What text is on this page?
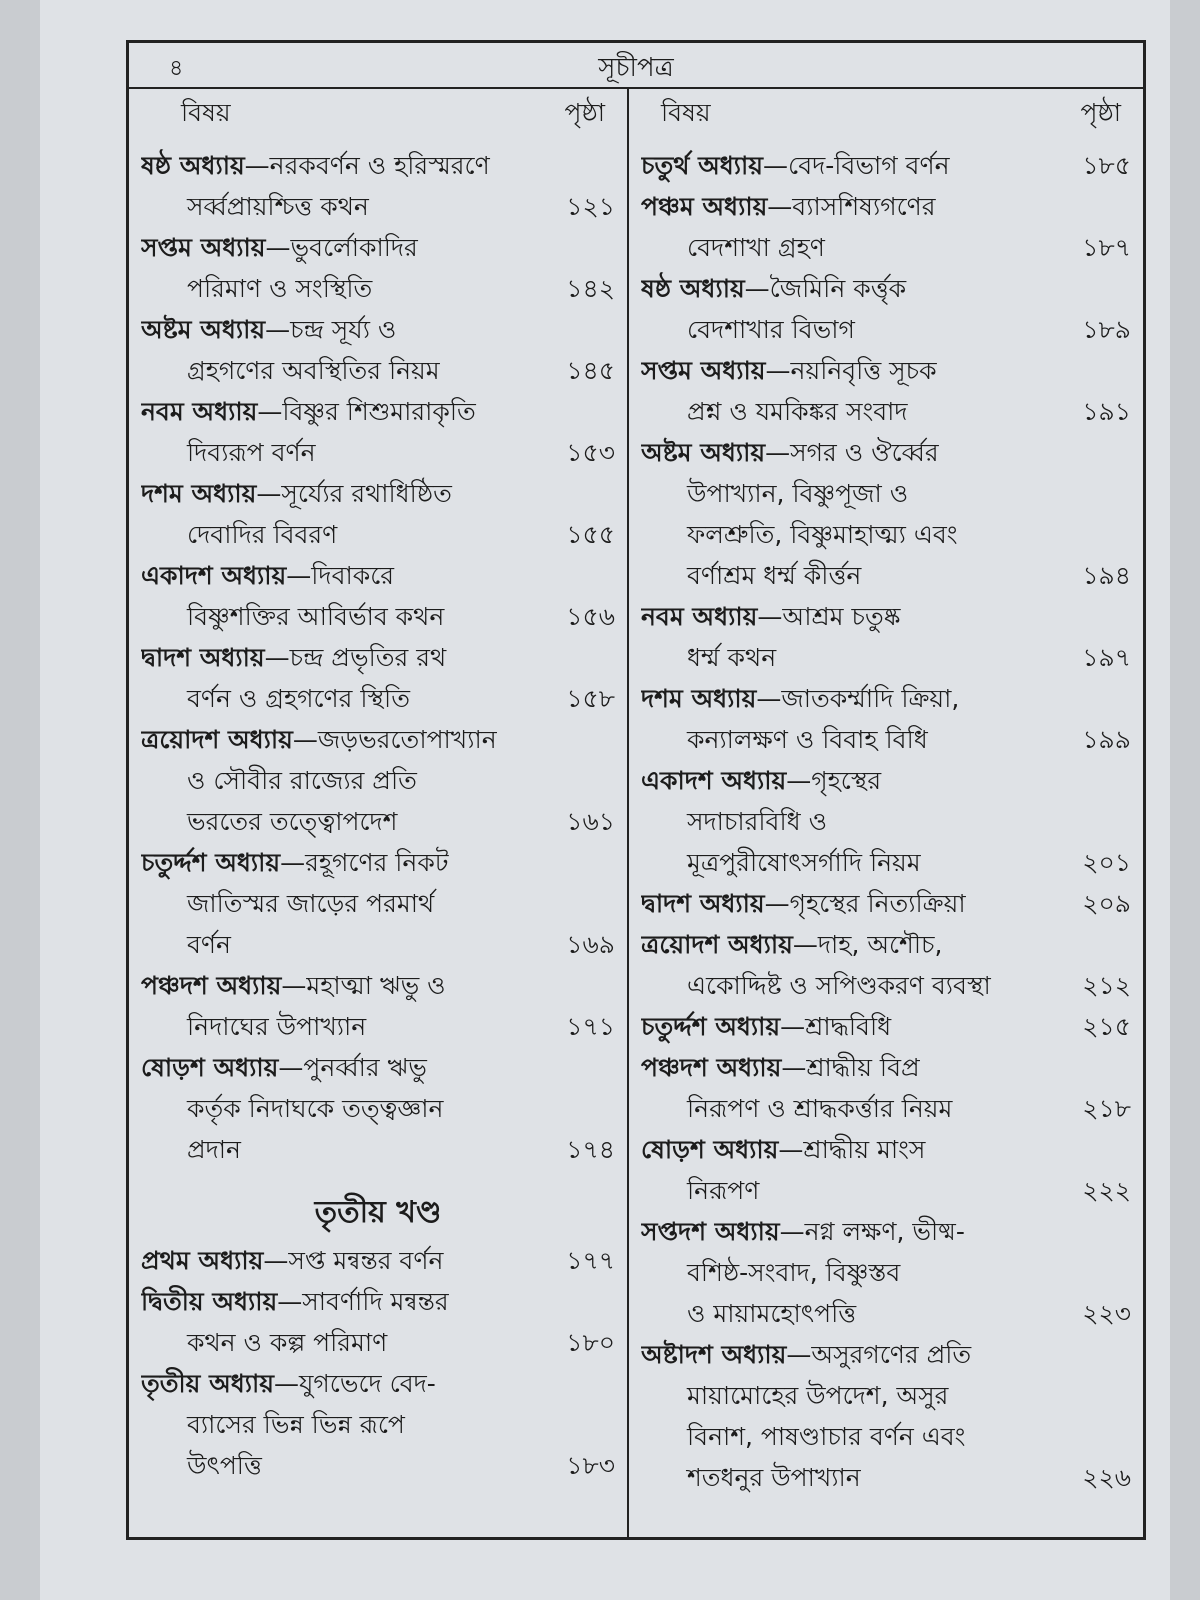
৪	সূচীপত্র
বিষয়	পৃষ্ঠা
ষষ্ঠ অধ্যায়—নরকবর্ণন ও হরিস্মরণে
সর্ব্বপ্রায়শ্চিত্ত কথন	১২১
সপ্তম অধ্যায়—ভুবর্লোকাদির
পরিমাণ ও সংস্থিতি	১৪২
অষ্টম অধ্যায়—চন্দ্র সূর্য্য ও
গ্রহগণের অবস্থিতির নিয়ম	১৪৫
নবম অধ্যায়—বিষ্ণুর শিশুমারাকৃতি
দিব্যরূপ বর্ণন	১৫৩
দশম অধ্যায়—সূর্য্যের রথাধিষ্ঠিত
দেবাদির বিবরণ	১৫৫
একাদশ অধ্যায়—দিবাকরে
বিষ্ণুশক্তির আবির্ভাব কথন	১৫৬
দ্বাদশ অধ্যায়—চন্দ্র প্রভৃতির রথ
বর্ণন ও গ্রহগণের স্থিতি	১৫৮
ত্রয়োদশ অধ্যায়—জড়ভরতোপাখ্যান
ও সৌবীর রাজ্যের প্রতি
ভরতের তত্ত্বোপদেশ	১৬১
চতুর্দ্দশ অধ্যায়—রহূগণের নিকট
জাতিস্মর জাড়ের পরমার্থ
বর্ণন	১৬৯
পঞ্চদশ অধ্যায়—মহাত্মা ঋভু ও
নিদাঘের উপাখ্যান	১৭১
ষোড়শ অধ্যায়—পুনর্ব্বার ঋভু
কর্তৃক নিদাঘকে তত্ত্বজ্ঞান
প্রদান	১৭৪
তৃতীয় খণ্ড
প্রথম অধ্যায়—সপ্ত মন্বন্তর বর্ণন	১৭৭
দ্বিতীয় অধ্যায়—সাবর্ণাদি মন্বন্তর
কথন ও কল্প পরিমাণ	১৮০
তৃতীয় অধ্যায়—যুগভেদে বেদ-
ব্যাসের ভিন্ন ভিন্ন রূপে
উৎপত্তি	১৮৩
বিষয়	পৃষ্ঠা
চতুর্থ অধ্যায়—বেদ-বিভাগ বর্ণন	১৮৫
পঞ্চম অধ্যায়—ব্যাসশিষ্যগণের
বেদশাখা গ্রহণ	১৮৭
ষষ্ঠ অধ্যায়—জৈমিনি কর্ত্তৃক
বেদশাখার বিভাগ	১৮৯
সপ্তম অধ্যায়—নয়নিবৃত্তি সূচক
প্রশ্ন ও যমকিঙ্কর সংবাদ	১৯১
অষ্টম অধ্যায়—সগর ও ঔর্ব্বের
উপাখ্যান, বিষ্ণুপূজা ও
ফলশ্রুতি, বিষ্ণুমাহাত্ম্য এবং
বর্ণাশ্রম ধর্ম্ম কীর্ত্তন	১৯৪
নবম অধ্যায়—আশ্রম চতুষ্ক
ধর্ম্ম কথন	১৯৭
দশম অধ্যায়—জাতকর্ম্মাদি ক্রিয়া,
কন্যালক্ষণ ও বিবাহ বিধি	১৯৯
একাদশ অধ্যায়—গৃহস্থের
সদাচারবিধি ও
মূত্রপুরীষোৎসর্গাদি নিয়ম	২০১
দ্বাদশ অধ্যায়—গৃহস্থের নিত্যক্রিয়া	২০৯
ত্রয়োদশ অধ্যায়—দাহ, অশৌচ,
একোদ্দিষ্ট ও সপিণ্ডকরণ ব্যবস্থা	২১২
চতুর্দ্দশ অধ্যায়—শ্রাদ্ধবিধি	২১৫
পঞ্চদশ অধ্যায়—শ্রাদ্ধীয় বিপ্র
নিরূপণ ও শ্রাদ্ধকর্ত্তার নিয়ম	২১৮
ষোড়শ অধ্যায়—শ্রাদ্ধীয় মাংস
নিরূপণ	২২২
সপ্তদশ অধ্যায়—নগ্ন লক্ষণ, ভীষ্ম-
বশিষ্ঠ-সংবাদ, বিষ্ণুস্তব
ও মায়ামহোৎপত্তি	২২৩
অষ্টাদশ অধ্যায়—অসুরগণের প্রতি
মায়ামোহের উপদেশ, অসুর
বিনাশ, পাষণ্ডাচার বর্ণন এবং
শতধনুর উপাখ্যান	২২৬
